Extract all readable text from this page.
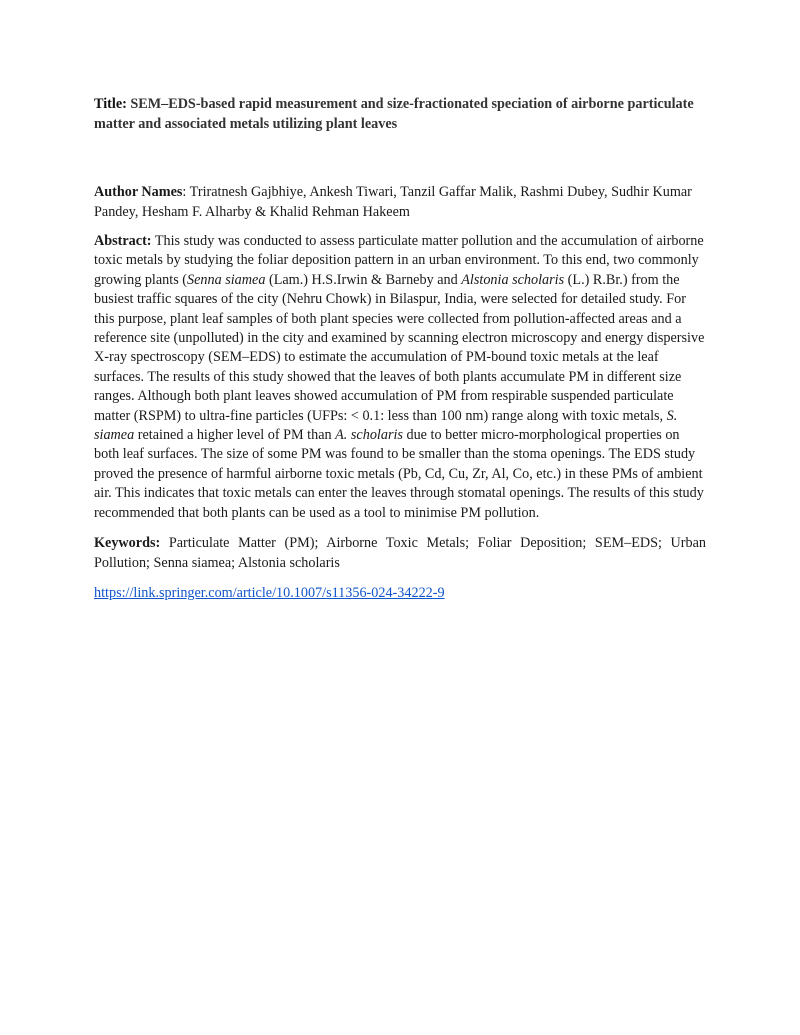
Title: SEM–EDS-based rapid measurement and size-fractionated speciation of airborne particulate matter and associated metals utilizing plant leaves

Author Names: Triratnesh Gajbhiye, Ankesh Tiwari, Tanzil Gaffar Malik, Rashmi Dubey, Sudhir Kumar Pandey, Hesham F. Alharby & Khalid Rehman Hakeem
Abstract: This study was conducted to assess particulate matter pollution and the accumulation of airborne toxic metals by studying the foliar deposition pattern in an urban environment. To this end, two commonly growing plants (Senna siamea (Lam.) H.S.Irwin & Barneby and Alstonia scholaris (L.) R.Br.) from the busiest traffic squares of the city (Nehru Chowk) in Bilaspur, India, were selected for detailed study. For this purpose, plant leaf samples of both plant species were collected from pollution-affected areas and a reference site (unpolluted) in the city and examined by scanning electron microscopy and energy dispersive X-ray spectroscopy (SEM–EDS) to estimate the accumulation of PM-bound toxic metals at the leaf surfaces. The results of this study showed that the leaves of both plants accumulate PM in different size ranges. Although both plant leaves showed accumulation of PM from respirable suspended particulate matter (RSPM) to ultra-fine particles (UFPs: < 0.1: less than 100 nm) range along with toxic metals, S. siamea retained a higher level of PM than A. scholaris due to better micro-morphological properties on both leaf surfaces. The size of some PM was found to be smaller than the stoma openings. The EDS study proved the presence of harmful airborne toxic metals (Pb, Cd, Cu, Zr, Al, Co, etc.) in these PMs of ambient air. This indicates that toxic metals can enter the leaves through stomatal openings. The results of this study recommended that both plants can be used as a tool to minimise PM pollution.
Keywords: Particulate Matter (PM); Airborne Toxic Metals; Foliar Deposition; SEM–EDS; Urban Pollution; Senna siamea; Alstonia scholaris
https://link.springer.com/article/10.1007/s11356-024-34222-9
